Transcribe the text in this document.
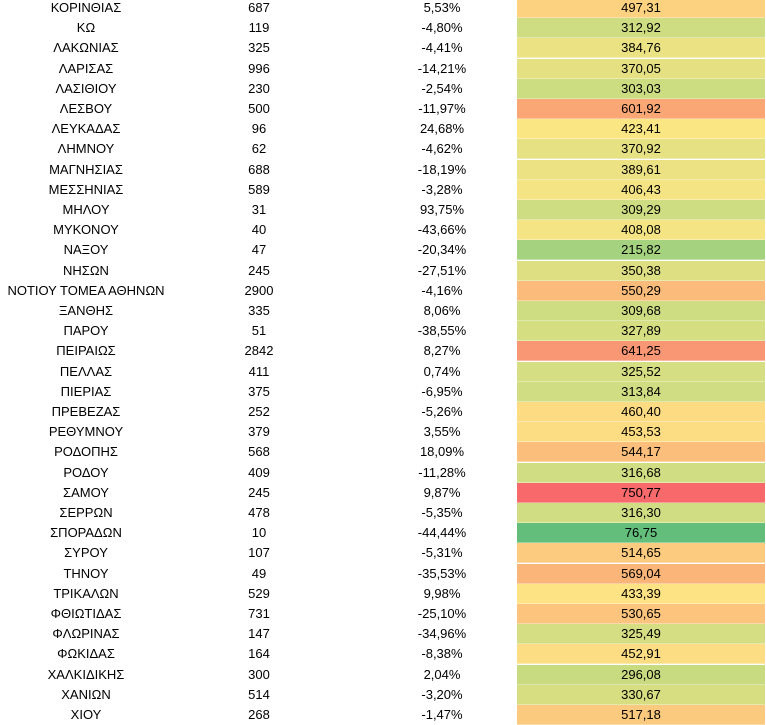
ΚΟΡΙΝΘΙΑΣ	687	5,53%	497,31
ΚΩ	119	-4,80%	312,92
ΛΑΚΩΝΙΑΣ	325	-4,41%	384,76
ΛΑΡΙΣΑΣ	996	-14,21%	370,05
ΛΑΣΙΘΙΟΥ	230	-2,54%	303,03
ΛΕΣΒΟΥ	500	-11,97%	601,92
ΛΕΥΚΑΔΑΣ	96	24,68%	423,41
ΛΗΜΝΟΥ	62	-4,62%	370,92
ΜΑΓΝΗΣΙΑΣ	688	-18,19%	389,61
ΜΕΣΣΗΝΙΑΣ	589	-3,28%	406,43
ΜΗΛΟΥ	31	93,75%	309,29
ΜΥΚΟΝΟΥ	40	-43,66%	408,08
ΝΑΞΟΥ	47	-20,34%	215,82
ΝΗΣΩΝ	245	-27,51%	350,38
ΝΟΤΙΟΥ ΤΟΜΕΑ ΑΘΗΝΩΝ	2900	-4,16%	550,29
ΞΑΝΘΗΣ	335	8,06%	309,68
ΠΑΡΟΥ	51	-38,55%	327,89
ΠΕΙΡΑΙΩΣ	2842	8,27%	641,25
ΠΕΛΛΑΣ	411	0,74%	325,52
ΠΙΕΡΙΑΣ	375	-6,95%	313,84
ΠΡΕΒΕΖΑΣ	252	-5,26%	460,40
ΡΕΘΥΜΝΟΥ	379	3,55%	453,53
ΡΟΔΟΠΗΣ	568	18,09%	544,17
ΡΟΔΟΥ	409	-11,28%	316,68
ΣΑΜΟΥ	245	9,87%	750,77
ΣΕΡΡΩΝ	478	-5,35%	316,30
ΣΠΟΡΑΔΩΝ	10	-44,44%	76,75
ΣΥΡΟΥ	107	-5,31%	514,65
ΤΗΝΟΥ	49	-35,53%	569,04
ΤΡΙΚΑΛΩΝ	529	9,98%	433,39
ΦΘΙΩΤΙΔΑΣ	731	-25,10%	530,65
ΦΛΩΡΙΝΑΣ	147	-34,96%	325,49
ΦΩΚΙΔΑΣ	164	-8,38%	452,91
ΧΑΛΚΙΔΙΚΗΣ	300	2,04%	296,08
ΧΑΝΙΩΝ	514	-3,20%	330,67
ΧΙΟΥ	268	-1,47%	517,18
